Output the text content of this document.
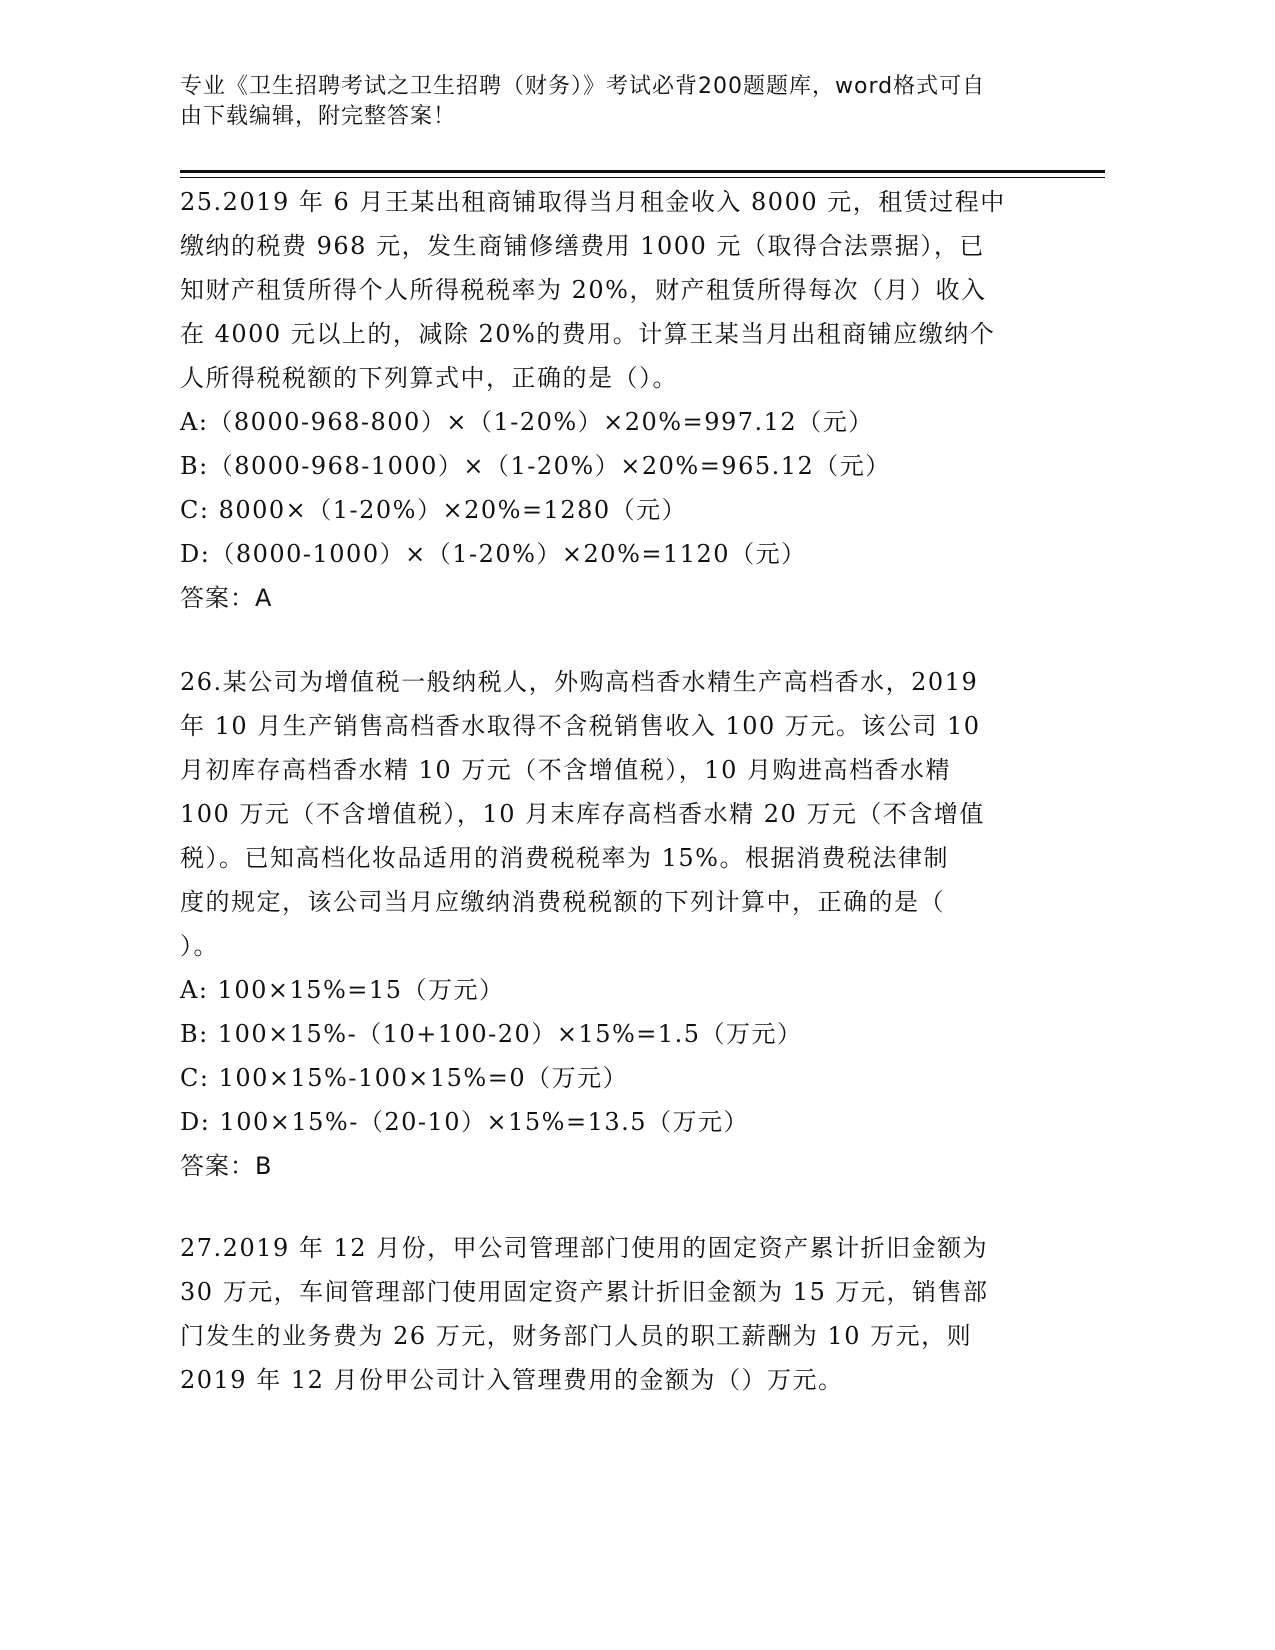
专业《卫生招聘考试之卫生招聘（财务）》考试必背200题题库，word格式可自
由下载编辑，附完整答案！
25.2019 年 6 月王某出租商铺取得当月租金收入 8000 元，租赁过程中
缴纳的税费 968 元，发生商铺修缮费用 1000 元（取得合法票据），已
知财产租赁所得个人所得税税率为 20%，财产租赁所得每次（月）收入
在 4000 元以上的，减除 20%的费用。计算王某当月出租商铺应缴纳个
人所得税税额的下列算式中，正确的是（）。
A:（8000-968-800）×（1-20%）×20%=997.12（元）
B:（8000-968-1000）×（1-20%）×20%=965.12（元）
C: 8000×（1-20%）×20%=1280（元）
D:（8000-1000）×（1-20%）×20%=1120（元）
答案：A
26.某公司为增值税一般纳税人，外购高档香水精生产高档香水，2019
年 10 月生产销售高档香水取得不含税销售收入 100 万元。该公司 10
月初库存高档香水精 10 万元（不含增值税），10 月购进高档香水精
100 万元（不含增值税），10 月末库存高档香水精 20 万元（不含增值
税）。已知高档化妆品适用的消费税税率为 15%。根据消费税法律制
度的规定，该公司当月应缴纳消费税税额的下列计算中，正确的是（
）。
A: 100×15%=15（万元）
B: 100×15%-（10+100-20）×15%=1.5（万元）
C: 100×15%-100×15%=0（万元）
D: 100×15%-（20-10）×15%=13.5（万元）
答案：B
27.2019 年 12 月份，甲公司管理部门使用的固定资产累计折旧金额为
30 万元，车间管理部门使用固定资产累计折旧金额为 15 万元，销售部
门发生的业务费为 26 万元，财务部门人员的职工薪酬为 10 万元，则
2019 年 12 月份甲公司计入管理费用的金额为（）万元。
